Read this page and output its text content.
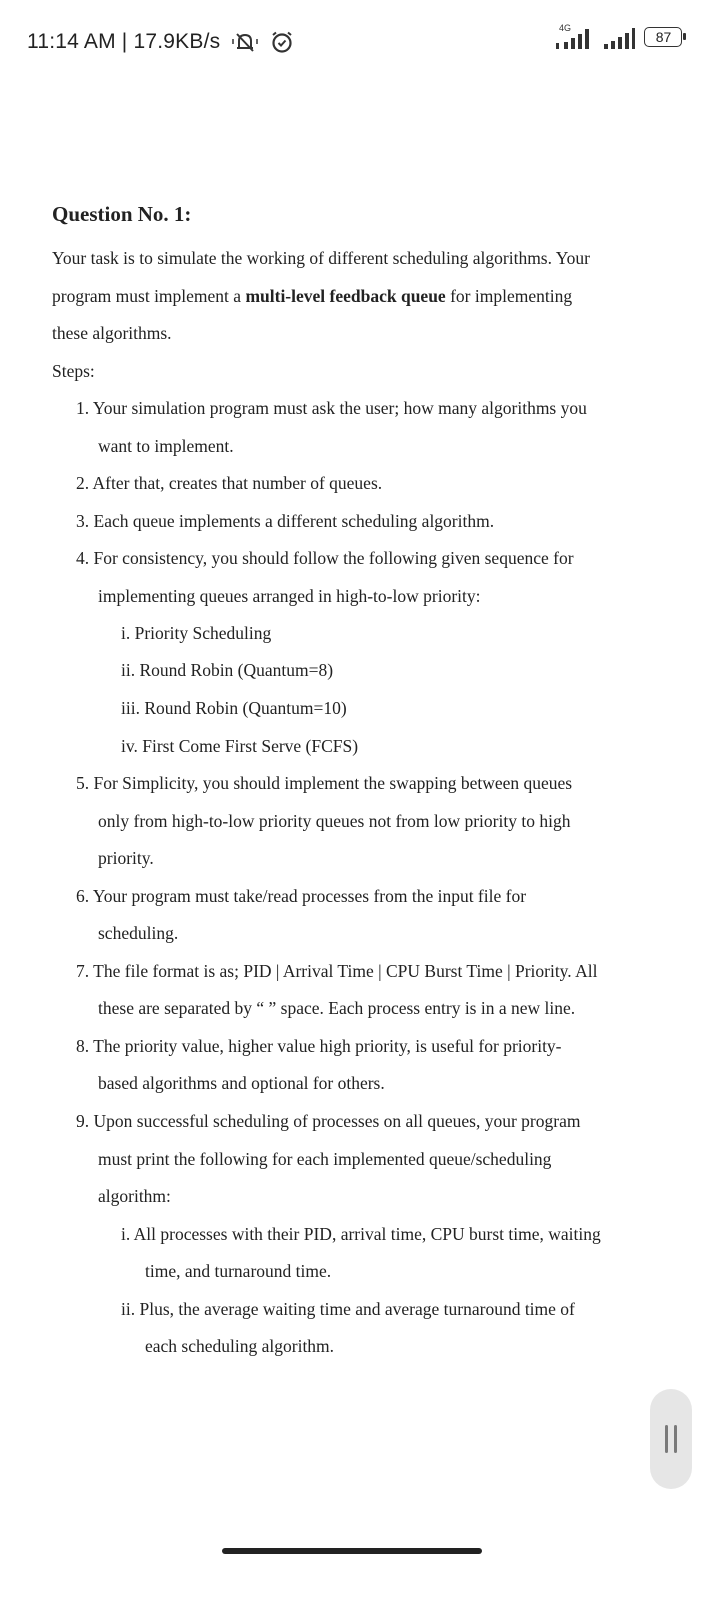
11:14 AM | 17.9KB/s
4G

87
Question No. 1:
Your task is to simulate the working of different scheduling algorithms. Your
program must implement a multi-level feedback queue for implementing
these algorithms.
Steps:
1. Your simulation program must ask the user; how many algorithms you
want to implement.
2. After that, creates that number of queues.
3. Each queue implements a different scheduling algorithm.
4. For consistency, you should follow the following given sequence for
implementing queues arranged in high-to-low priority:
i. Priority Scheduling
ii. Round Robin (Quantum=8)
iii. Round Robin (Quantum=10)
iv. First Come First Serve (FCFS)
5. For Simplicity, you should implement the swapping between queues
only from high-to-low priority queues not from low priority to high
priority.
6. Your program must take/read processes from the input file for
scheduling.
7. The file format is as; PID | Arrival Time | CPU Burst Time | Priority. All
these are separated by “ ” space. Each process entry is in a new line.
8. The priority value, higher value high priority, is useful for priority-
based algorithms and optional for others.
9. Upon successful scheduling of processes on all queues, your program
must print the following for each implemented queue/scheduling
algorithm:
i. All processes with their PID, arrival time, CPU burst time, waiting
time, and turnaround time.
ii. Plus, the average waiting time and average turnaround time of
each scheduling algorithm.
